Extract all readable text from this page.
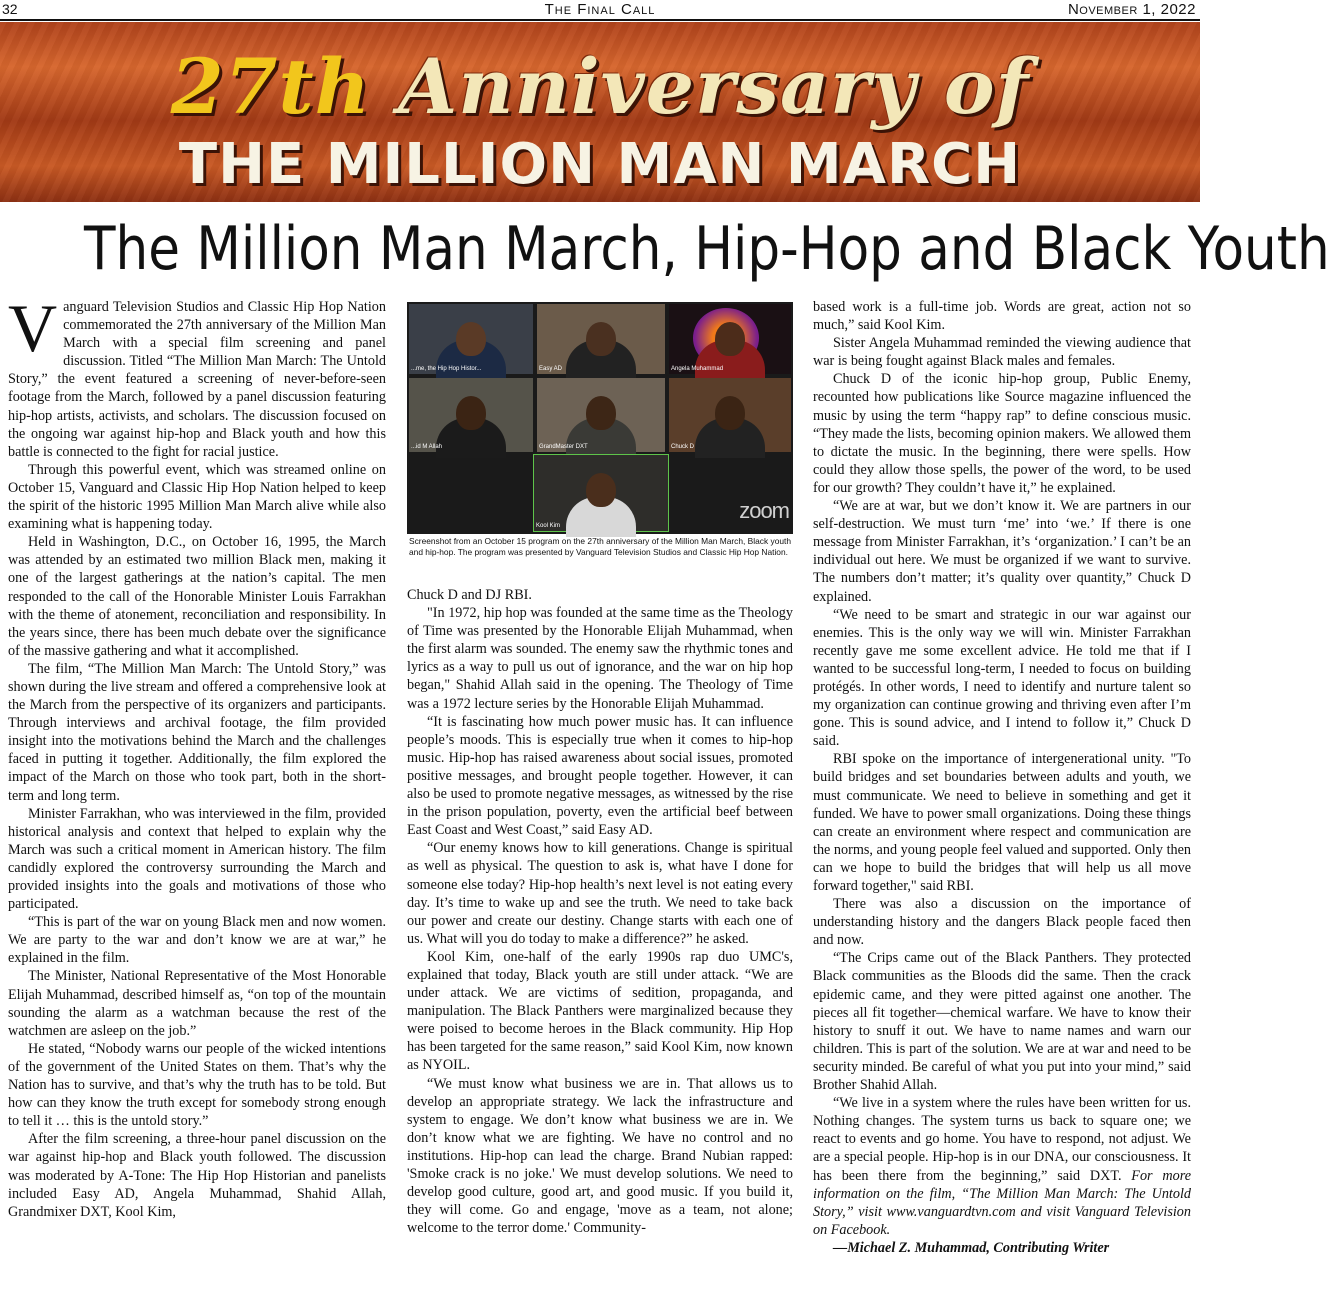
32	The Final Call	November 1, 2022
27th Anniversary of
THE MILLION MAN MARCH
The Million Man March, Hip-Hop and Black Youth
V anguard Television Studios and Classic Hip Hop Nation commemorated the 27th anniversary of the Million Man March with a special film screening and panel discussion. Titled “The Million Man March: The Untold Story,” the event featured a screening of never-before-seen footage from the March, followed by a panel discussion featuring hip-hop artists, activists, and scholars. The discussion focused on the ongoing war against hip-hop and Black youth and how this battle is connected to the fight for racial justice.

Through this powerful event, which was streamed online on October 15, Vanguard and Classic Hip Hop Nation helped to keep the spirit of the historic 1995 Million Man March alive while also examining what is happening today.

Held in Washington, D.C., on October 16, 1995, the March was attended by an estimated two million Black men, making it one of the largest gatherings at the nation’s capital. The men responded to the call of the Honorable Minister Louis Farrakhan with the theme of atonement, reconciliation and responsibility. In the years since, there has been much debate over the significance of the massive gathering and what it accomplished.

The film, “The Million Man March: The Untold Story,” was shown during the live stream and offered a comprehensive look at the March from the perspective of its organizers and participants. Through interviews and archival footage, the film provided insight into the motivations behind the March and the challenges faced in putting it together. Additionally, the film explored the impact of the March on those who took part, both in the short-term and long term.

Minister Farrakhan, who was interviewed in the film, provided historical analysis and context that helped to explain why the March was such a critical moment in American history. The film candidly explored the controversy surrounding the March and provided insights into the goals and motivations of those who participated.

“This is part of the war on young Black men and now women. We are party to the war and don’t know we are at war,” he explained in the film.

The Minister, National Representative of the Most Honorable Elijah Muhammad, described himself as, “on top of the mountain sounding the alarm as a watchman because the rest of the watchmen are asleep on the job.”

He stated, “Nobody warns our people of the wicked intentions of the government of the United States on them. That’s why the Nation has to survive, and that’s why the truth has to be told. But how can they know the truth except for somebody strong enough to tell it … this is the untold story.”

After the film screening, a three-hour panel discussion on the war against hip-hop and Black youth followed. The discussion was moderated by A-Tone: The Hip Hop Historian and panelists included Easy AD, Angela Muhammad, Shahid Allah, Grandmixer DXT, Kool Kim,

...me, the Hip Hop Histor...	Easy AD	Angela Muhammad
...id M Allah	GrandMaster DXT	Chuck D
Kool Kim
zoom
Screenshot from an October 15 program on the 27th anniversary of the Million Man March, Black youth and hip-hop. The program was presented by Vanguard Television Studios and Classic Hip Hop Nation.

Chuck D and DJ RBI.

"In 1972, hip hop was founded at the same time as the Theology of Time was presented by the Honorable Elijah Muhammad, when the first alarm was sounded. The enemy saw the rhythmic tones and lyrics as a way to pull us out of ignorance, and the war on hip hop began," Shahid Allah said in the opening. The Theology of Time was a 1972 lecture series by the Honorable Elijah Muhammad.

“It is fascinating how much power music has. It can influence people’s moods. This is especially true when it comes to hip-hop music. Hip-hop has raised awareness about social issues, promoted positive messages, and brought people together. However, it can also be used to promote negative messages, as witnessed by the rise in the prison population, poverty, even the artificial beef between East Coast and West Coast,” said Easy AD.

“Our enemy knows how to kill generations. Change is spiritual as well as physical. The question to ask is, what have I done for someone else today? Hip-hop health’s next level is not eating every day. It’s time to wake up and see the truth. We need to take back our power and create our destiny. Change starts with each one of us. What will you do today to make a difference?” he asked.

Kool Kim, one-half of the early 1990s rap duo UMC's, explained that today, Black youth are still under attack. “We are under attack. We are victims of sedition, propaganda, and manipulation. The Black Panthers were marginalized because they were poised to become heroes in the Black community. Hip Hop has been targeted for the same reason,” said Kool Kim, now known as NYOIL.

“We must know what business we are in. That allows us to develop an appropriate strategy. We lack the infrastructure and system to engage. We don’t know what business we are in. We don’t know what we are fighting. We have no control and no institutions. Hip-hop can lead the charge. Brand Nubian rapped: 'Smoke crack is no joke.' We must develop solutions. We need to develop good culture, good art, and good music. If you build it, they will come. Go and engage, 'move as a team, not alone; welcome to the terror dome.' Community-

based work is a full-time job. Words are great, action not so much,” said Kool Kim.

Sister Angela Muhammad reminded the viewing audience that war is being fought against Black males and females.

Chuck D of the iconic hip-hop group, Public Enemy, recounted how publications like Source magazine influenced the music by using the term “happy rap” to define conscious music. “They made the lists, becoming opinion makers. We allowed them to dictate the music. In the beginning, there were spells. How could they allow those spells, the power of the word, to be used for our growth? They couldn’t have it,” he explained.

“We are at war, but we don’t know it. We are partners in our self-destruction. We must turn ‘me’ into ‘we.’ If there is one message from Minister Farrakhan, it’s ‘organization.’ I can’t be an individual out here. We must be organized if we want to survive. The numbers don’t matter; it’s quality over quantity,” Chuck D explained.

“We need to be smart and strategic in our war against our enemies. This is the only way we will win. Minister Farrakhan recently gave me some excellent advice. He told me that if I wanted to be successful long-term, I needed to focus on building protégés. In other words, I need to identify and nurture talent so my organization can continue growing and thriving even after I’m gone. This is sound advice, and I intend to follow it,” Chuck D said.

RBI spoke on the importance of intergenerational unity. "To build bridges and set boundaries between adults and youth, we must communicate. We need to believe in something and get it funded. We have to power small organizations. Doing these things can create an environment where respect and communication are the norms, and young people feel valued and supported. Only then can we hope to build the bridges that will help us all move forward together," said RBI.

There was also a discussion on the importance of understanding history and the dangers Black people faced then and now.

“The Crips came out of the Black Panthers. They protected Black communities as the Bloods did the same. Then the crack epidemic came, and they were pitted against one another. The pieces all fit together—chemical warfare. We have to know their history to snuff it out. We have to name names and warn our children. This is part of the solution. We are at war and need to be security minded. Be careful of what you put into your mind,” said Brother Shahid Allah.

“We live in a system where the rules have been written for us. Nothing changes. The system turns us back to square one; we react to events and go home. You have to respond, not adjust. We are a special people. Hip-hop is in our DNA, our consciousness. It has been there from the beginning,” said DXT. For more information on the film, “The Million Man March: The Untold Story,” visit www.vanguardtvn.com and visit Vanguard Television on Facebook.

—Michael Z. Muhammad, Contributing Writer
